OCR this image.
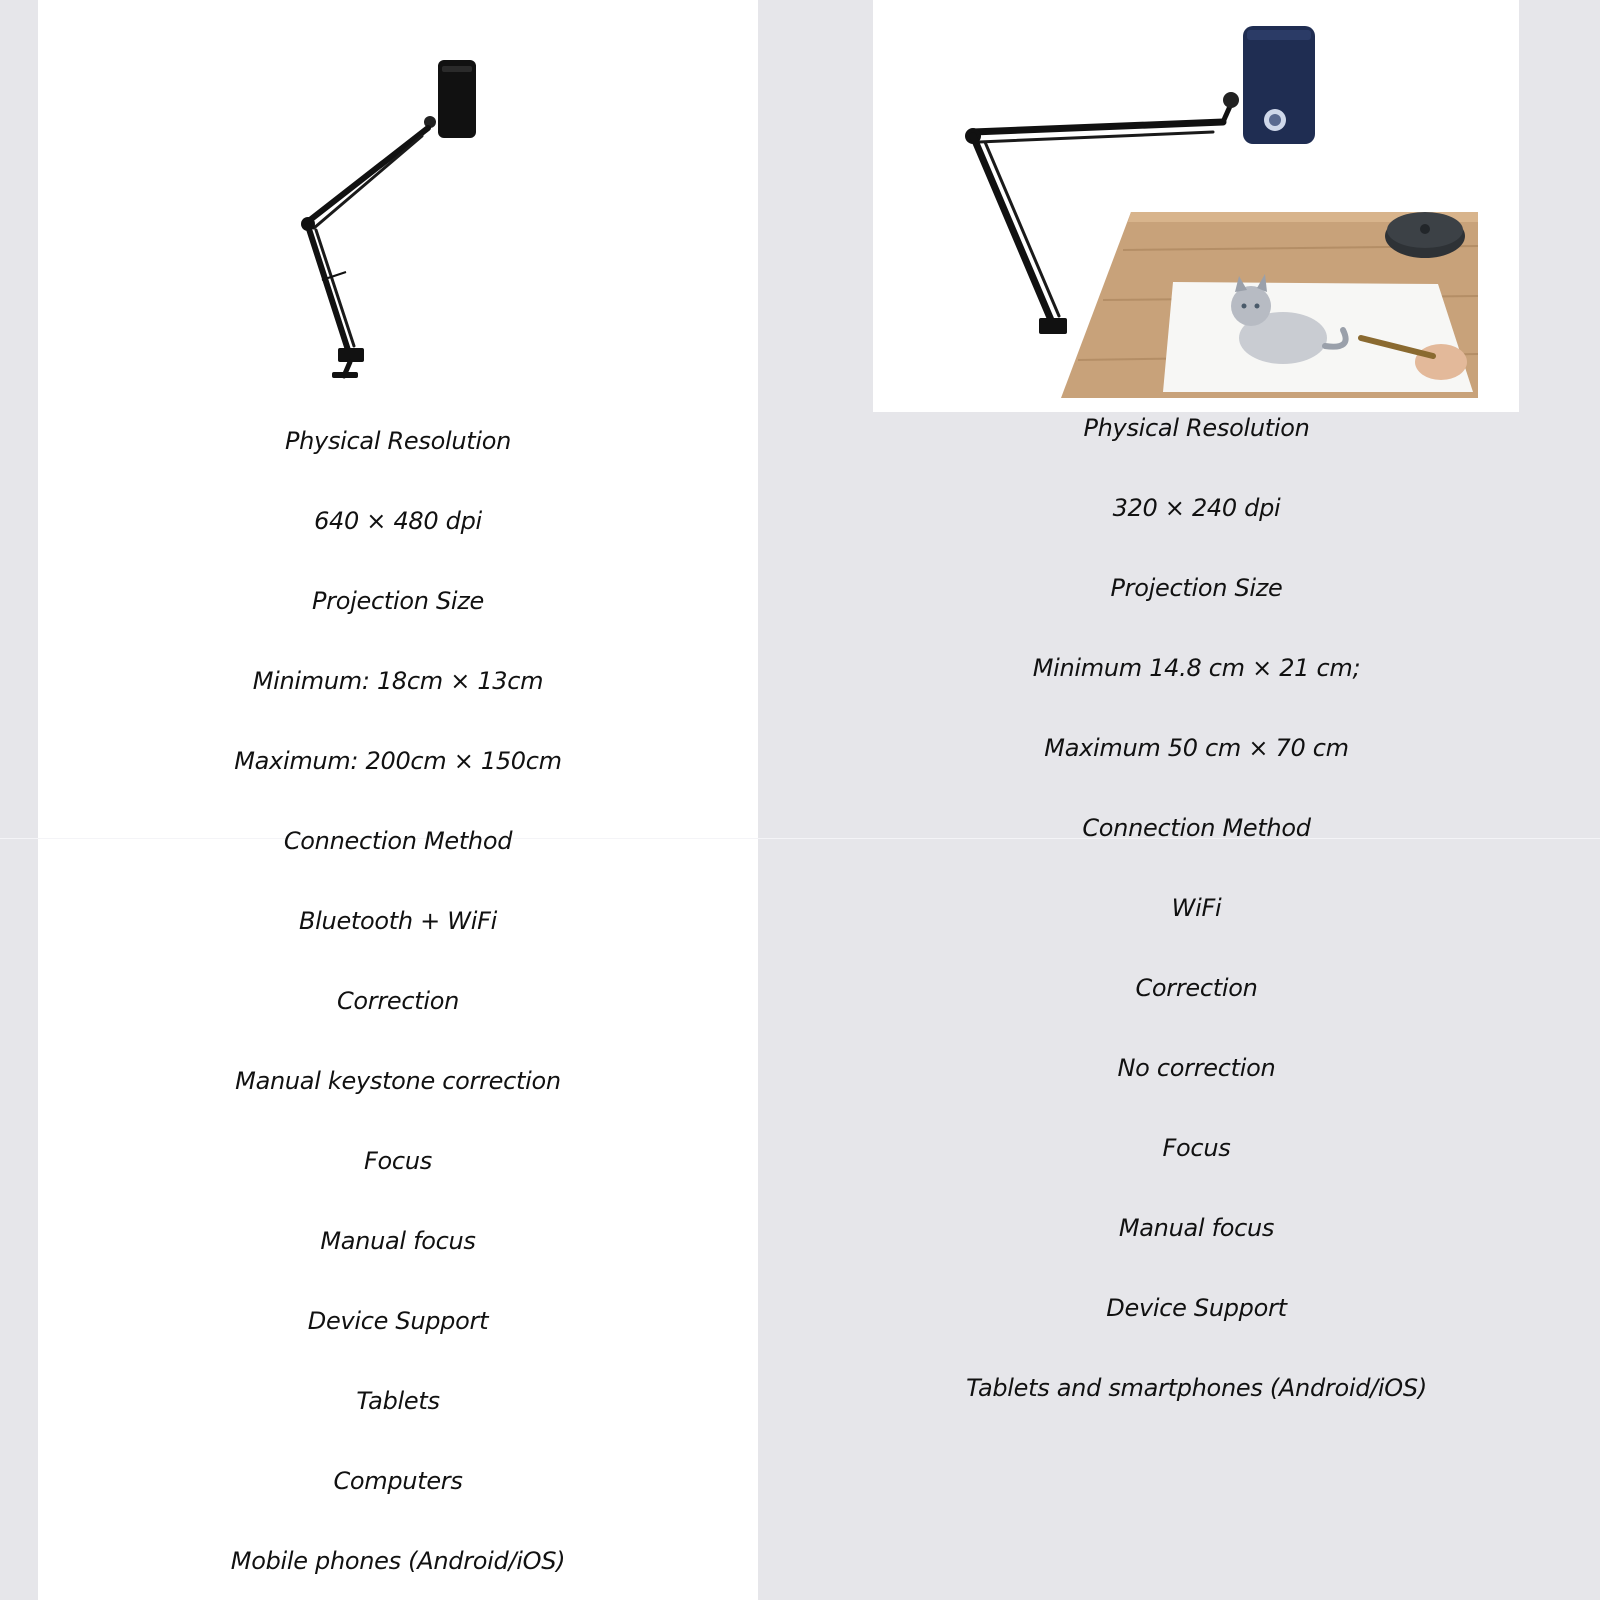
Physical Resolution
640 × 480 dpi
Projection Size
Minimum: 18cm × 13cm
Maximum: 200cm × 150cm
Connection Method
Bluetooth + WiFi
Correction
Manual keystone correction
Focus
Manual focus
Device Support
Tablets
Computers
Mobile phones (Android/iOS)
Physical Resolution
320 × 240 dpi
Projection Size
Minimum 14.8 cm × 21 cm;
Maximum 50 cm × 70 cm
Connection Method
WiFi
Correction
No correction
Focus
Manual focus
Device Support
Tablets and smartphones (Android/iOS)
